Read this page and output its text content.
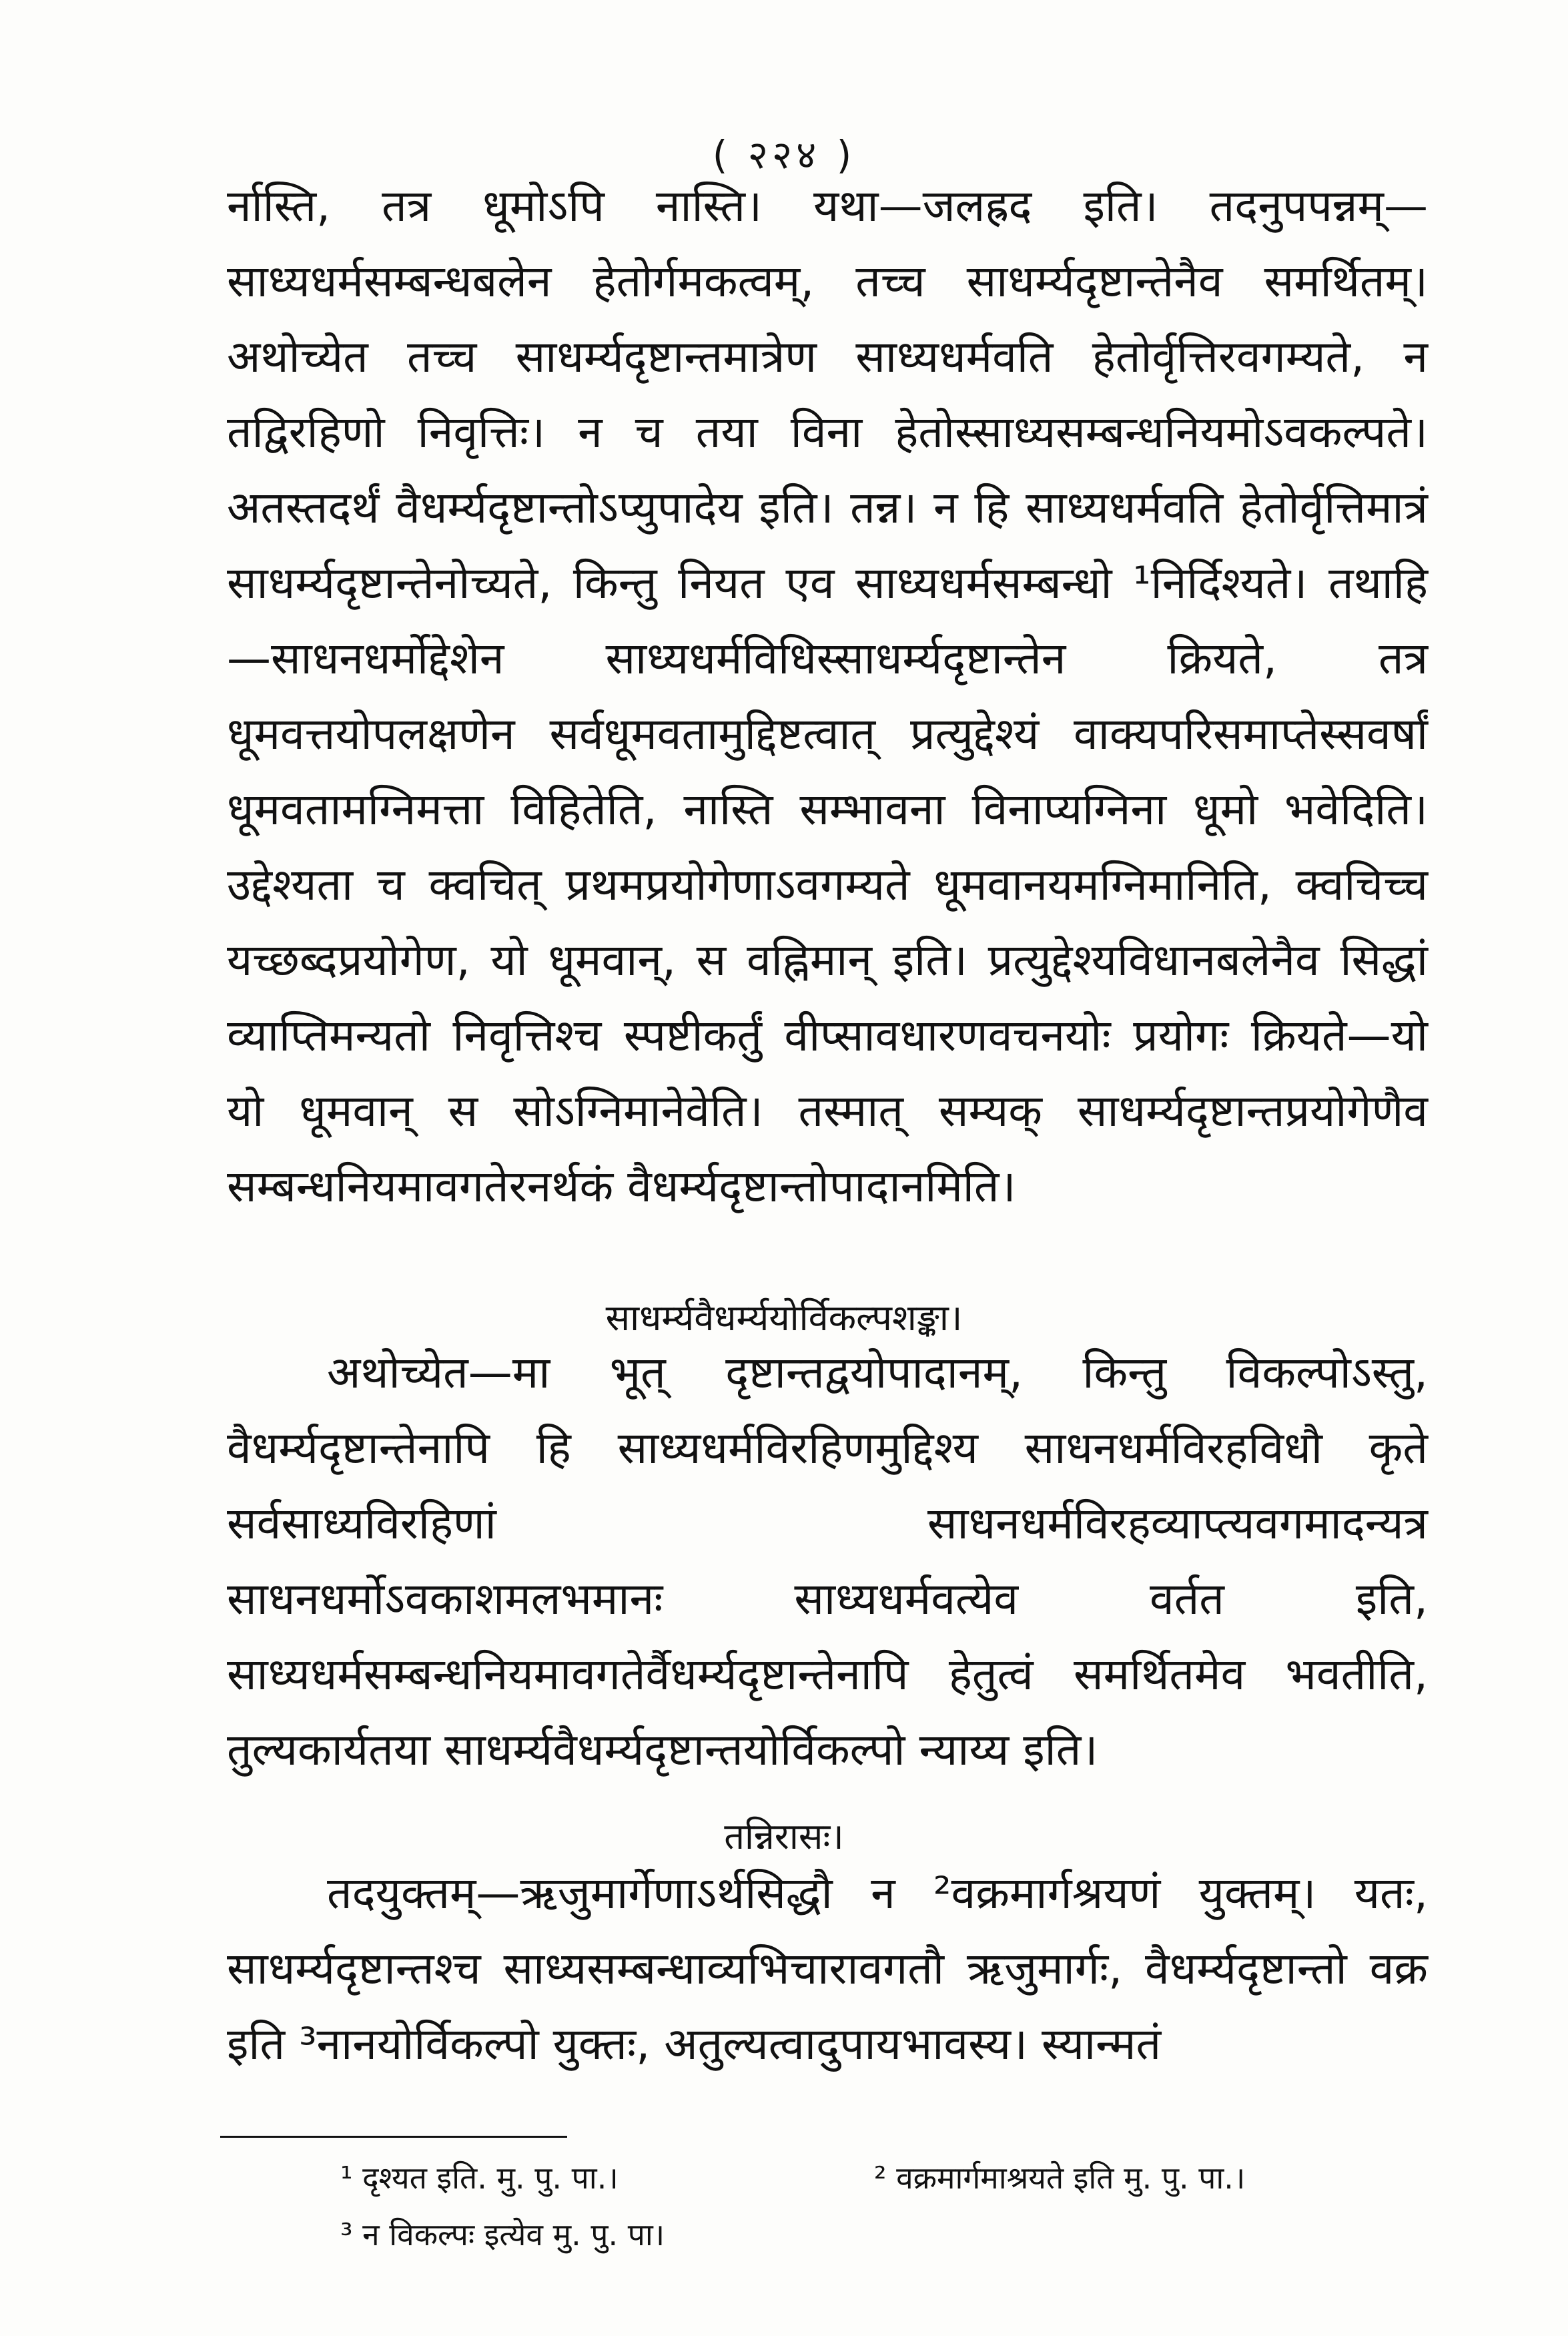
( २२४ )

र्नास्ति, तत्र धूमोऽपि नास्ति। यथा—जलह्रद इति। तदनुपपन्नम्—साध्यधर्मसम्बन्धबलेन हेतोर्गमकत्वम्, तच्च साधर्म्यदृष्टान्तेनैव समर्थितम्। अथोच्येत तच्च साधर्म्यदृष्टान्तमात्रेण साध्यधर्मवति हेतोर्वृत्तिरवगम्यते, न तद्विरहिणो निवृत्तिः। न च तया विना हेतोस्साध्यसम्बन्धनियमोऽवकल्पते। अतस्तदर्थं वैधर्म्यदृष्टान्तोऽप्युपादेय इति। तन्न। न हि साध्यधर्मवति हेतोर्वृत्तिमात्रं साधर्म्यदृष्टान्तेनोच्यते, किन्तु नियत एव साध्यधर्मसम्बन्धो ¹निर्दिश्यते। तथाहि—साधनधर्मोद्देशेन साध्यधर्मविधिस्साधर्म्यदृष्टान्तेन क्रियते, तत्र धूमवत्तयोपलक्षणेन सर्वधूमवतामुद्दिष्टत्वात् प्रत्युद्देश्यं वाक्यपरिसमाप्तेस्सवर्षां धूमवतामग्निमत्ता विहितेति, नास्ति सम्भावना विनाप्यग्निना धूमो भवेदिति। उद्देश्यता च क्वचित् प्रथमप्रयोगेणाऽवगम्यते धूमवानयमग्निमानिति, क्वचिच्च यच्छब्दप्रयोगेण, यो धूमवान्, स वह्निमान् इति। प्रत्युद्देश्यविधानबलेनैव सिद्धां व्याप्तिमन्यतो निवृत्तिश्च स्पष्टीकर्तुं वीप्सावधारणवचनयोः प्रयोगः क्रियते—यो यो धूमवान् स सोऽग्निमानेवेति। तस्मात् सम्यक् साधर्म्यदृष्टान्तप्रयोगेणैव सम्बन्धनियमावगतेरनर्थकं वैधर्म्यदृष्टान्तोपादानमिति।

साधर्म्यवैधर्म्ययोर्विकल्पशङ्का।

अथोच्येत—मा भूत् दृष्टान्तद्वयोपादानम्, किन्तु विकल्पोऽस्तु, वैधर्म्यदृष्टान्तेनापि हि साध्यधर्मविरहिणमुद्दिश्य साधनधर्मविरहविधौ कृते सर्वसाध्यविरहिणां साधनधर्मविरहव्याप्त्यवगमादन्यत्र साधनधर्मोऽवकाशमलभमानः साध्यधर्मवत्येव वर्तत इति, साध्यधर्मसम्बन्धनियमावगतेर्वैधर्म्यदृष्टान्तेनापि हेतुत्वं समर्थितमेव भवतीति, तुल्यकार्यतया साधर्म्यवैधर्म्यदृष्टान्तयोर्विकल्पो न्याय्य इति।

तन्निरासः।

तदयुक्तम्—ऋजुमार्गेणाऽर्थसिद्धौ न ²वक्रमार्गश्रयणं युक्तम्। यतः, साधर्म्यदृष्टान्तश्च साध्यसम्बन्धाव्यभिचारावगतौ ऋजुमार्गः, वैधर्म्यदृष्टान्तो वक्र इति ³नानयोर्विकल्पो युक्तः, अतुल्यत्वादुपायभावस्य। स्यान्मतं

¹ दृश्यत इति. मु. पु. पा.।	² वक्रमार्गमाश्रयते इति मु. पु. पा.।
³ न विकल्पः इत्येव मु. पु. पा।
